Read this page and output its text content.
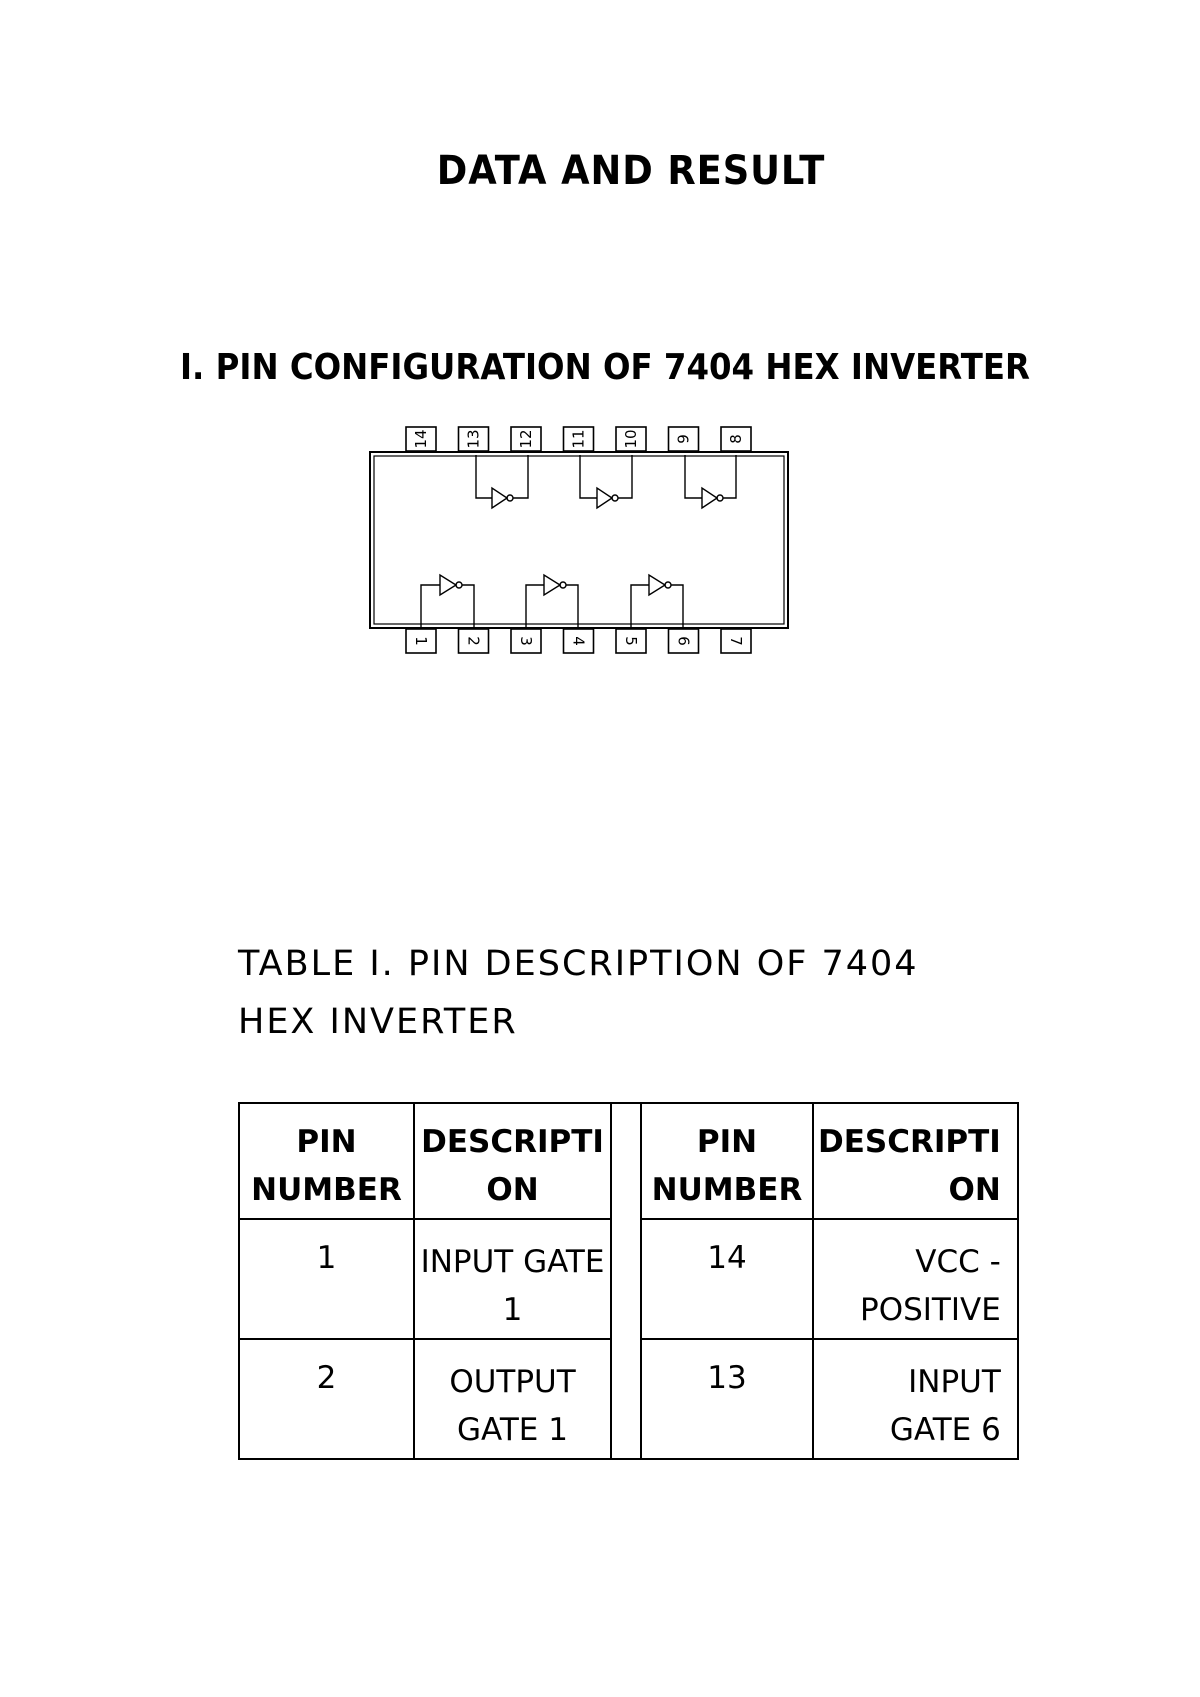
DATA AND RESULT
I. PIN CONFIGURATION OF 7404 HEX INVERTER
14 13 12 11 10 9 8
1 2 3 4 5 6 7
TABLE I. PIN DESCRIPTION OF 7404 HEX INVERTER
PIN NUMBER	DESCRIPTI ON		PIN NUMBER	DESCRIPTI ON
1	INPUT GATE 1		14	VCC - POSITIVE
2	OUTPUT GATE 1		13	INPUT GATE 6
